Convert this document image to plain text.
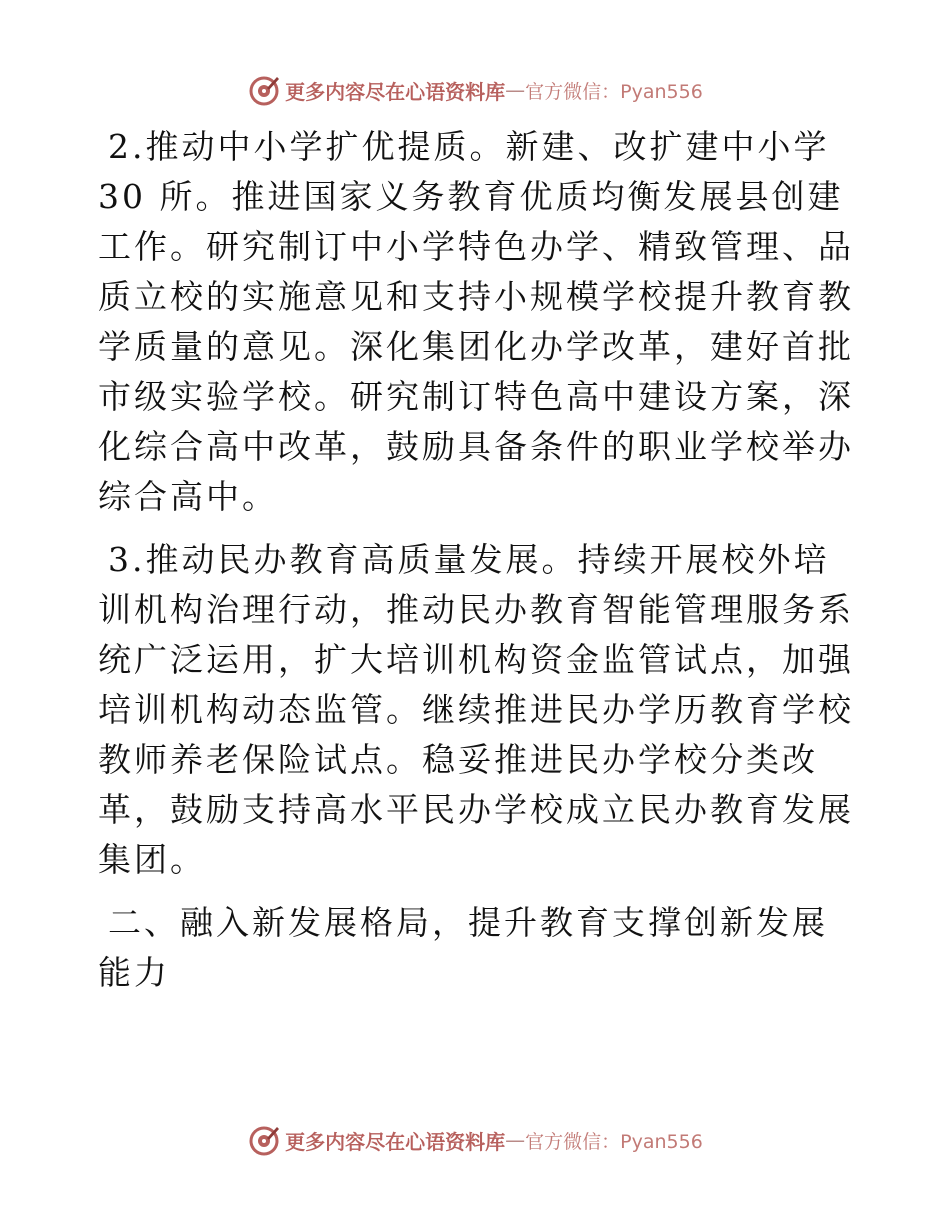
更多内容尽在心语资料库 — 官方微信：Pyan556

2.推动中小学扩优提质。新建、改扩建中小学 30 所。推进国家义务教育优质均衡发展县创建工作。研究制订中小学特色办学、精致管理、品质立校的实施意见和支持小规模学校提升教育教学质量的意见。深化集团化办学改革，建好首批市级实验学校。研究制订特色高中建设方案，深化综合高中改革，鼓励具备条件的职业学校举办综合高中。

3.推动民办教育高质量发展。持续开展校外培训机构治理行动，推动民办教育智能管理服务系统广泛运用，扩大培训机构资金监管试点，加强培训机构动态监管。继续推进民办学历教育学校教师养老保险试点。稳妥推进民办学校分类改革，鼓励支持高水平民办学校成立民办教育发展集团。

二、融入新发展格局，提升教育支撑创新发展能力

更多内容尽在心语资料库 — 官方微信：Pyan556
